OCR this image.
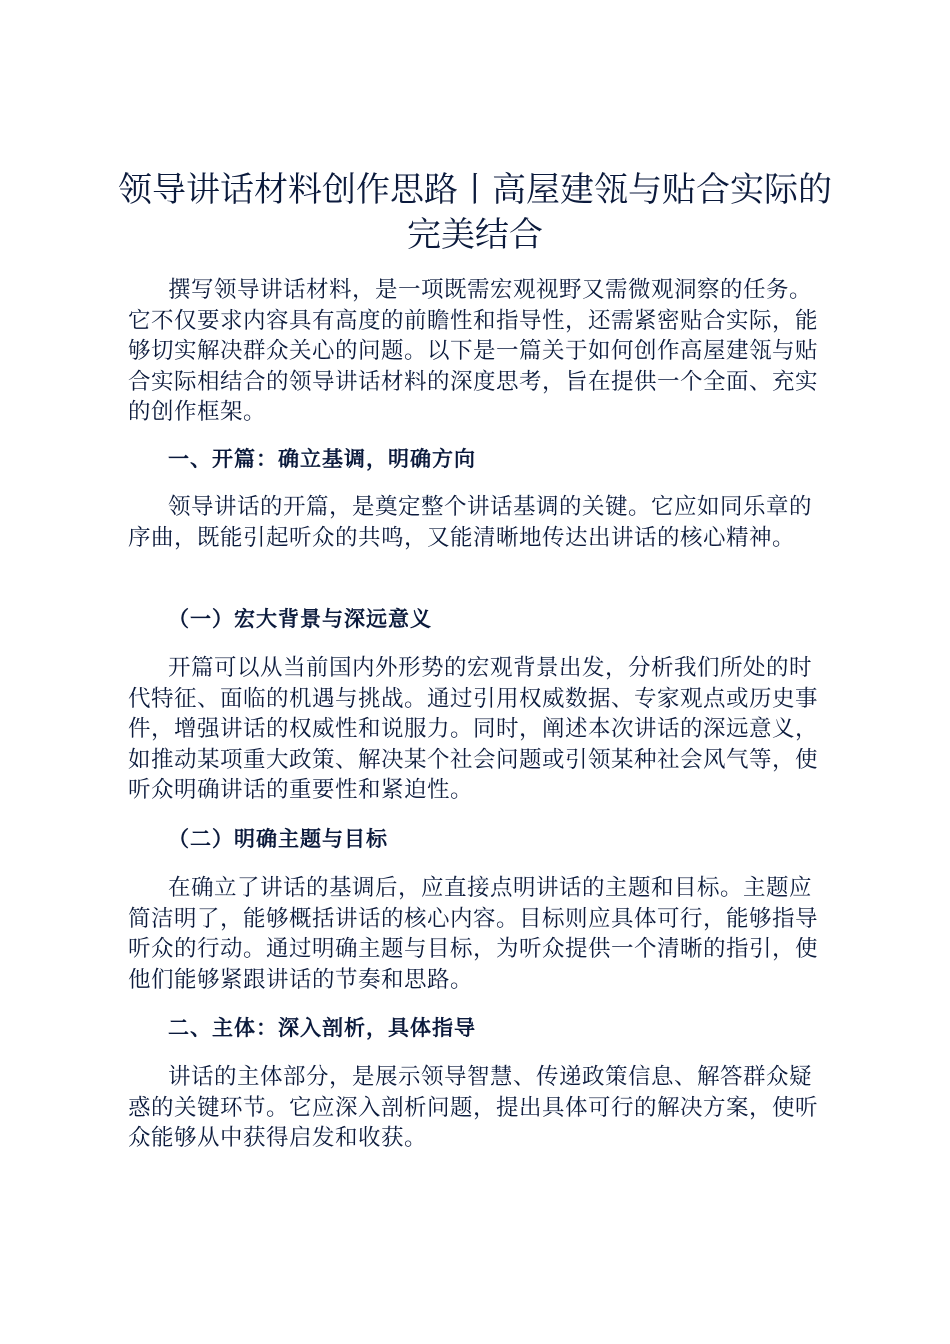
领导讲话材料创作思路丨高屋建瓴与贴合实际的完美结合

撰写领导讲话材料，是一项既需宏观视野又需微观洞察的任务。它不仅要求内容具有高度的前瞻性和指导性，还需紧密贴合实际，能够切实解决群众关心的问题。以下是一篇关于如何创作高屋建瓴与贴合实际相结合的领导讲话材料的深度思考，旨在提供一个全面、充实的创作框架。

一、开篇：确立基调，明确方向

领导讲话的开篇，是奠定整个讲话基调的关键。它应如同乐章的序曲，既能引起听众的共鸣，又能清晰地传达出讲话的核心精神。

（一）宏大背景与深远意义

开篇可以从当前国内外形势的宏观背景出发，分析我们所处的时代特征、面临的机遇与挑战。通过引用权威数据、专家观点或历史事件，增强讲话的权威性和说服力。同时，阐述本次讲话的深远意义，如推动某项重大政策、解决某个社会问题或引领某种社会风气等，使听众明确讲话的重要性和紧迫性。

（二）明确主题与目标

在确立了讲话的基调后，应直接点明讲话的主题和目标。主题应简洁明了，能够概括讲话的核心内容。目标则应具体可行，能够指导听众的行动。通过明确主题与目标，为听众提供一个清晰的指引，使他们能够紧跟讲话的节奏和思路。

二、主体：深入剖析，具体指导

讲话的主体部分，是展示领导智慧、传递政策信息、解答群众疑惑的关键环节。它应深入剖析问题，提出具体可行的解决方案，使听众能够从中获得启发和收获。
